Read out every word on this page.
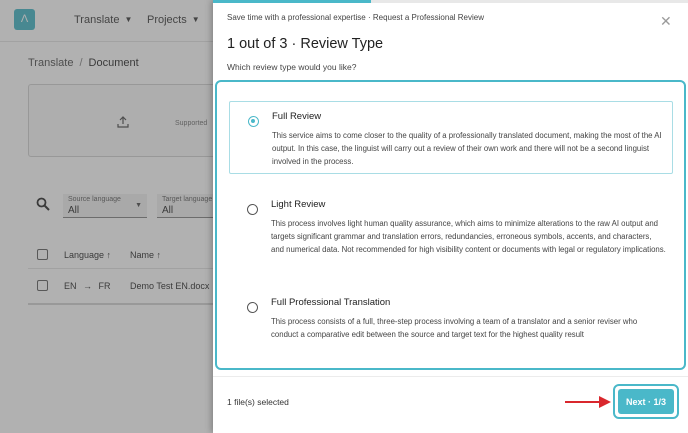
Λ	Translate ▼ Projects ▼
Translate / Document
Supported
Source language
All	▼
Target language
All
Language ↑ Name ↑
EN → FR Demo Test EN.docx
Save time with a professional expertise · Request a Professional Review	✕
1 out of 3 · Review Type
Which review type would you like?
Full Review
This service aims to come closer to the quality of a professionally translated document, making the most of the AI output. In this case, the linguist will carry out a review of their own work and there will not be a second linguist involved in the process.
Light Review
This process involves light human quality assurance, which aims to minimize alterations to the raw AI output and targets significant grammar and translation errors, redundancies, erroneous symbols, accents, and characters, and numerical data. Not recommended for high visibility content or documents with legal or regulatory implications.
Full Professional Translation
This process consists of a full, three-step process involving a team of a translator and a senior reviser who conduct a comparative edit between the source and target text for the highest quality result
1 file(s) selected	Next · 1/3
